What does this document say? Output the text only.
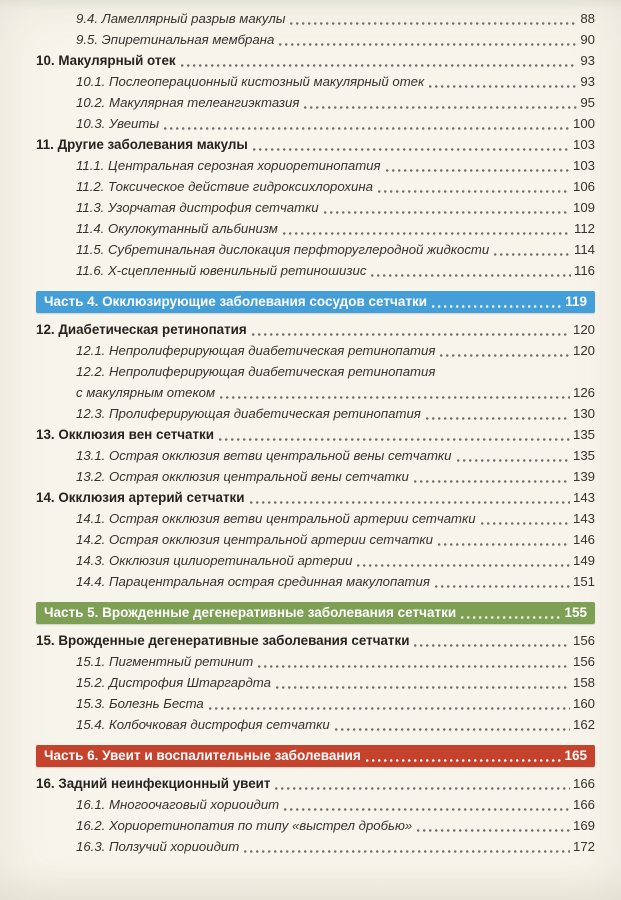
9.4. Ламеллярный разрыв макулы	88
9.5. Эпиретинальная мембрана	90
10. Макулярный отек	93
10.1. Послеоперационный кистозный макулярный отек	93
10.2. Макулярная телеангиэктазия	95
10.3. Увеиты	100
11. Другие заболевания макулы	103
11.1. Центральная серозная хориоретинопатия	103
11.2. Токсическое действие гидроксихлорохина	106
11.3. Узорчатая дистрофия сетчатки	109
11.4. Окулокутанный альбинизм	112
11.5. Субретинальная дислокация перфторуглеродной жидкости	114
11.6. X-сцепленный ювенильный ретиношизис	116
Часть 4. Окклюзирующие заболевания сосудов сетчатки	119
12. Диабетическая ретинопатия	120
12.1. Непролиферирующая диабетическая ретинопатия	120
12.2. Непролиферирующая диабетическая ретинопатия
с макулярным отеком	126
12.3. Пролиферирующая диабетическая ретинопатия	130
13. Окклюзия вен сетчатки	135
13.1. Острая окклюзия ветви центральной вены сетчатки	135
13.2. Острая окклюзия центральной вены сетчатки	139
14. Окклюзия артерий сетчатки	143
14.1. Острая окклюзия ветви центральной артерии сетчатки	143
14.2. Острая окклюзия центральной артерии сетчатки	146
14.3. Окклюзия цилиоретинальной артерии	149
14.4. Парацентральная острая срединная макулопатия	151
Часть 5. Врожденные дегенеративные заболевания сетчатки	155
15. Врожденные дегенеративные заболевания сетчатки	156
15.1. Пигментный ретинит	156
15.2. Дистрофия Штаргардта	158
15.3. Болезнь Беста	160
15.4. Колбочковая дистрофия сетчатки	162
Часть 6. Увеит и воспалительные заболевания	165
16. Задний неинфекционный увеит	166
16.1. Многоочаговый хориоидит	166
16.2. Хориоретинопатия по типу «выстрел дробью»	169
16.3. Ползучий хориоидит	172
